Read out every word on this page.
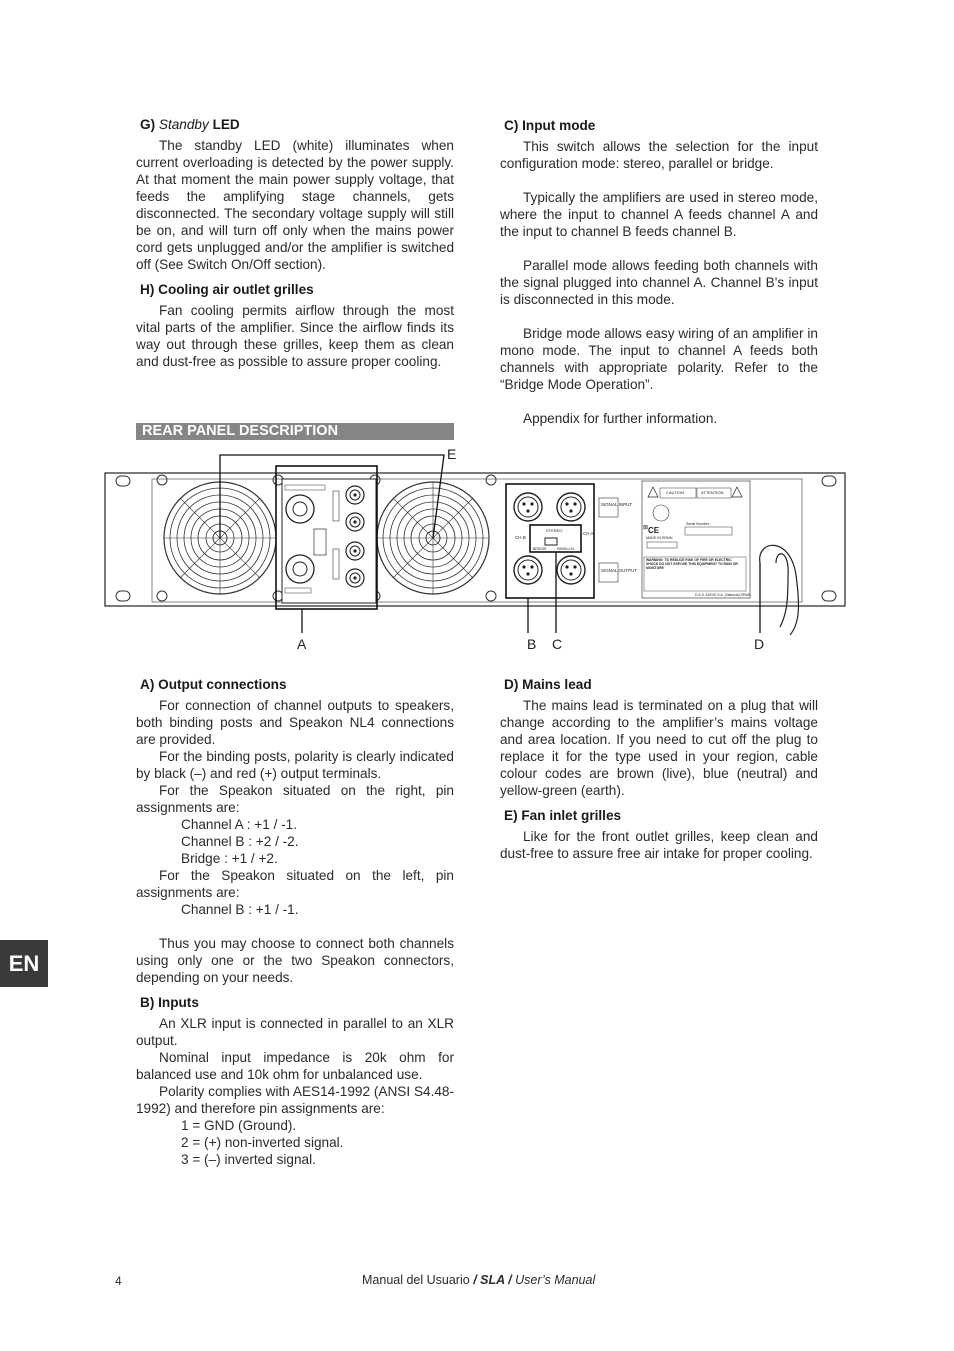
G) Standby LED

The standby LED (white) illuminates when current overloading is detected by the power supply. At that moment the main power supply voltage, that feeds the amplifying stage channels, gets disconnected. The secondary voltage supply will still be on, and will turn off only when the mains power cord gets unplugged and/or the amplifier is switched off (See Switch On/Off section).

H) Cooling air outlet grilles

Fan cooling permits airflow through the most vital parts of the amplifier. Since the airflow finds its way out through these grilles, keep them as clean and dust-free as possible to assure proper cooling.

C) Input mode

This switch allows the selection for the input configuration mode: stereo, parallel or bridge.

Typically the amplifiers are used in stereo mode, where the input to channel A feeds channel A and the input to channel B feeds channel B.

Parallel mode allows feeding both channels with the signal plugged into channel A. Channel B's input is disconnected in this mode.

Bridge mode allows easy wiring of an amplifier in mono mode. The input to channel A feeds both channels with appropriate polarity. Refer to the “Bridge Mode Operation”.

Appendix for further information.

REAR PANEL DESCRIPTION
STEREO
BRIDGE	PARALLEL
CH B
CH A
SIGNAL INPUT
SIGNAL OUTPUT
CAUTION	ATTENTION
CE
⊠
MADE IN SPAIN
Serial Number:
WARNING: TO REDUCE RISK OF FIRE OR ELECTRIC SHOCK DO NOT EXPOSE THIS EQUIPMENT TO RAIN OR MOISTURE
D.A.S. AUDIO S.A. (Valencia) SPAIN
E
A	B C	D
A) Output connections

For connection of channel outputs to speakers, both binding posts and Speakon NL4 connections are provided.

For the binding posts, polarity is clearly indicated by black (–) and red (+) output terminals.

For the Speakon situated on the right, pin assignments are:

Channel A : +1 / -1.

Channel B : +2 / -2.

Bridge : +1 / +2.

For the Speakon situated on the left, pin assignments are:

Channel B : +1 / -1.

Thus you may choose to connect both channels using only one or the two Speakon connectors, depending on your needs.

B) Inputs

An XLR input is connected in parallel to an XLR output.

Nominal input impedance is 20k ohm for balanced use and 10k ohm for unbalanced use.

Polarity complies with AES14-1992 (ANSI S4.48-1992) and therefore pin assignments are:

1 = GND (Ground).

2 = (+) non-inverted signal.

3 = (–) inverted signal.

D) Mains lead

The mains lead is terminated on a plug that will change according to the amplifier’s mains voltage and area location. If you need to cut off the plug to replace it for the type used in your region, cable colour codes are brown (live), blue (neutral) and yellow-green (earth).

E) Fan inlet grilles

Like for the front outlet grilles, keep clean and dust-free to assure free air intake for proper cooling.

EN
4	Manual del Usuario / SLA / User’s Manual
